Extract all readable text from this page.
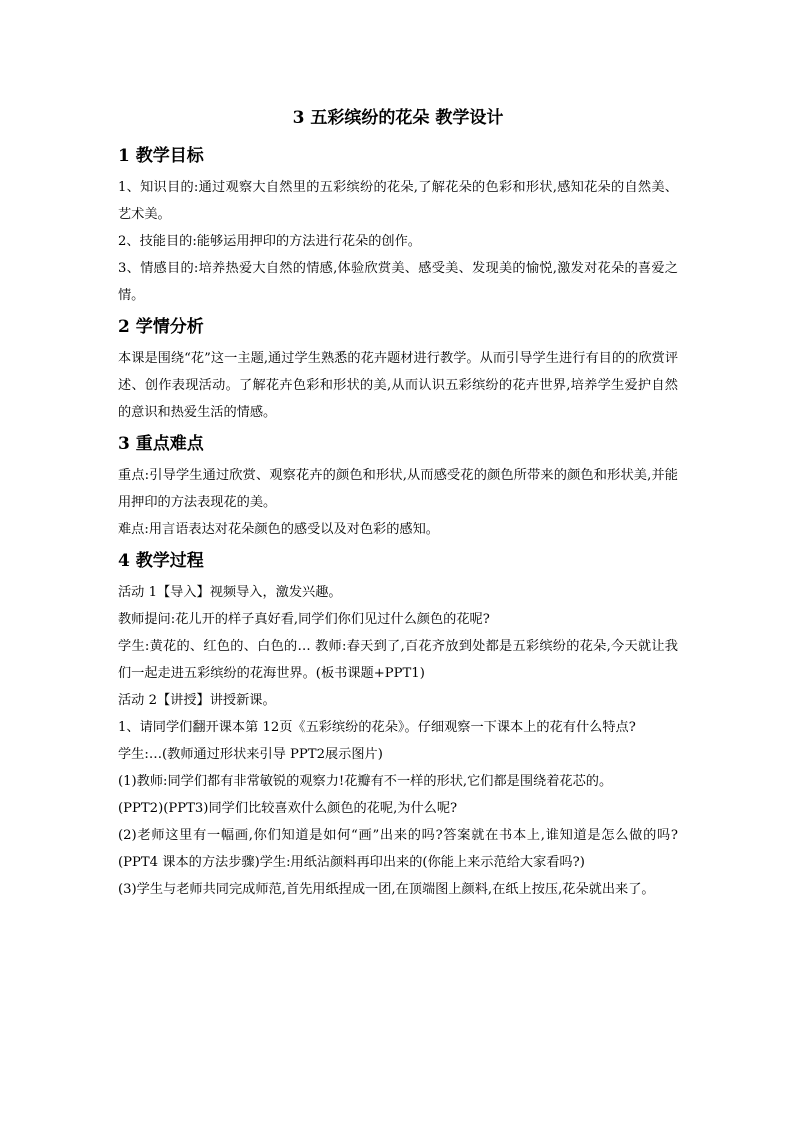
3 五彩缤纷的花朵 教学设计
1 教学目标

1、知识目的:通过观察大自然里的五彩缤纷的花朵,了解花朵的色彩和形状,感知花朵的自然美、艺术美。

2、技能目的:能够运用押印的方法进行花朵的创作。

3、情感目的:培养热爱大自然的情感,体验欣赏美、感受美、发现美的愉悦,激发对花朵的喜爱之情。

2 学情分析

本课是围绕“花”这一主题,通过学生熟悉的花卉题材进行教学。从而引导学生进行有目的的欣赏评述、创作表现活动。了解花卉色彩和形状的美,从而认识五彩缤纷的花卉世界,培养学生爱护自然的意识和热爱生活的情感。

3 重点难点

重点:引导学生通过欣赏、观察花卉的颜色和形状,从而感受花的颜色所带来的颜色和形状美,并能用押印的方法表现花的美。

难点:用言语表达对花朵颜色的感受以及对色彩的感知。

4 教学过程

活动 1【导入】视频导入，激发兴趣。

教师提问:花儿开的样子真好看,同学们你们见过什么颜色的花呢?

学生:黄花的、红色的、白色的… 教师:春天到了,百花齐放到处都是五彩缤纷的花朵,今天就让我们一起走进五彩缤纷的花海世界。(板书课题+PPT1)

活动 2【讲授】讲授新课。

1、请同学们翻开课本第 12页《五彩缤纷的花朵》。仔细观察一下课本上的花有什么特点?

学生:…(教师通过形状来引导 PPT2展示图片)

(1)教师:同学们都有非常敏锐的观察力!花瓣有不一样的形状,它们都是围绕着花芯的。

(PPT2)(PPT3)同学们比较喜欢什么颜色的花呢,为什么呢?

(2)老师这里有一幅画,你们知道是如何“画”出来的吗?答案就在书本上,谁知道是怎么做的吗?(PPT4 课本的方法步骤)学生:用纸沾颜料再印出来的(你能上来示范给大家看吗?)

(3)学生与老师共同完成师范,首先用纸捏成一团,在顶端图上颜料,在纸上按压,花朵就出来了。
